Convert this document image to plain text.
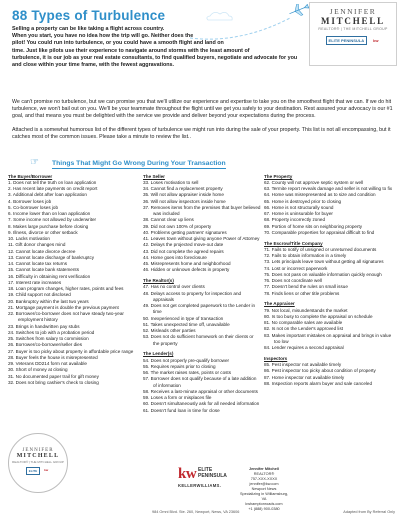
88 Types of Turbulence	JENNIFER
MITCHELL
REALTOR® | THE MITCHELL GROUP
ELITE PENINSULA	kw

Selling a property can be like taking a flight across country.

When you start, you have no idea how the trip will go. Neither does the

pilot! You could run into turbulence, or you could have a smooth flight and land on

time. Just like pilots use their experience to navigate around storms with the least amount of

turbulence, it is our job as your real estate consultants, to find qualified buyers, negotiate and advocate for you

and close within your time frame, with the fewest aggravations.

We can't promise no turbulence, but we can promise you that we'll utilize our experience and expertise to take you on the smoothest flight that we can. If we do hit turbulence, we won't bail out on you. We'll be your teammate throughout the flight until we get you safely to your destination. Rest assured your advocacy is our #1 goal, and that means you must be delighted with the service we provide and deliver beyond your expectations during the process.
Attached is a somewhat humorous list of the different types of turbulence we might run into during the sale of your property. This list is not all encompassing, but it catches most of the common issues. Please take a minute to review the list..
☞ Things That Might Go Wrong During Your Transaction
The Buyer/Borrower
1. Does not tell the truth on loan application
2. Has recent late payments on credit report
3. Additional debt after loan application
4. Borrower loses job
5. Co-borrower loses job
6. Income lower than on loan application
7. Some income not allowed by underwriter
8. Makes large purchase before closing
9. Illness, divorce or other setback
10. Lacks motivation
11. Gift donor changes mind
12. Cannot locate divorce decree
13. Cannot locate discharge of bankruptcy
14. Cannot locate tax returns
15. Cannot locate bank statements
16. Difficulty in obtaining rent verification
17. Interest rate increases
18. Loan program changes, higher rates, points and fees
19. Child support not disclosed
20. Bankruptcy within the last two years
21. Mortgage payment is double the previous payment
22. Borrower/co-borrower does not have steady two-year employment history
23. Brings in handwritten pay stubs
24. Switches to job with a probation period
25. Switches from salary to commission
26. Borrower/co-borrower/seller dies
27. Buyer is too picky about property in affordable price range
28. Buyer feels the house is misrepresented
29. Veterans DD214 form not available
30. Short of money at closing
31. No documented paper trail for gift money
32. Does not bring cashier's check to closing
The Seller
33. Loses motivation to sell
34. Cannot find a replacement property
35. Will not allow appraiser inside home
36. Will not allow inspectors inside home
37. Removes items from the premises that buyer believed was included
38. Cannot clear up liens
39. Did not own 100% of property
40. Problems getting partners' signatures
41. Leaves town without giving anyone Power of Attorney
42. Delays the projected move-out date
43. Did not complete the agreed repairs
44. Home goes into foreclosure
45. Misrepresents home and neighborhood
46. Hidden or unknown defects in property
The Realtor(s)
47. Has no control over clients
48. Delays access to property for inspection and appraisals
49. Does not get completed paperwork to the Lender in time
50. Inexperienced in type of transaction
51. Takes unexpected time off, unavailable
52. Misleads other parties
53. Does not do sufficient homework on their clients or the property
The Lender(s)
54. Does not properly pre-qualify borrower
55. Requires repairs prior to closing
56. The market raises rates, points or costs
57. Borrower does not qualify because of a late addition of information
58. Receives a last-minute appraisal or other documents
59. Loses a form or misplaces file
60. Doesn't simultaneously ask for all needed information
61. Doesn't fund loan in time for close
The Property
62. County will not approve septic system or well
63. Termite report reveals damage and seller is not willing to fix
64. Home was misrepresented as to size and condition
65. Home is destroyed prior to closing
66. Home is not structurally sound
67. Home is uninsurable for buyer
68. Property incorrectly zoned
69. Portion of home sits on neighboring property
70. Comparable properties for appraisal difficult to find
The Escrow/Title Company
71. Fails to notify of unsigned or unreturned documents
72. Fails to obtain information in a timely
73. Lets principals leave town without getting all signatures
74. Lost or incorrect paperwork
75. Does not pass on valuable information quickly enough
76. Does not coordinate well
77. Doesn't bend the rules on small issue
78. Finds liens or other title problems
The Appraiser
79. Not local, misunderstands the market
80. Is too busy to complete the appraisal on schedule
81. No comparable sales are available
82. Is not on the Lender's approved list
83. Makes important mistakes on appraisal and brings in value too low
84. Lender requires a second appraisal
Inspectors
85. Pest inspector not available timely
86. Pest inspector too picky about condition of property
87. Home inspector not available timely
88. Inspection reports alarm buyer and sale canceled
JENNIFER
MITCHELL
REALTOR® | THE MITCHELL GROUP
ELITE	kw	kw
KELLERWILLIAMS.
ELITE
PENINSULA
Jennifer Mitchell
REALTOR®
757-XXX-XXXX
jennifer@kw.com
Newport News
Specializing in Williamsburg, VA
kwhamptonroads.com
+1 (888) 900-0380
984 Omni Blvd. Ste. 260, Newport, News, VA 23606	Adapted from By Referral Only
